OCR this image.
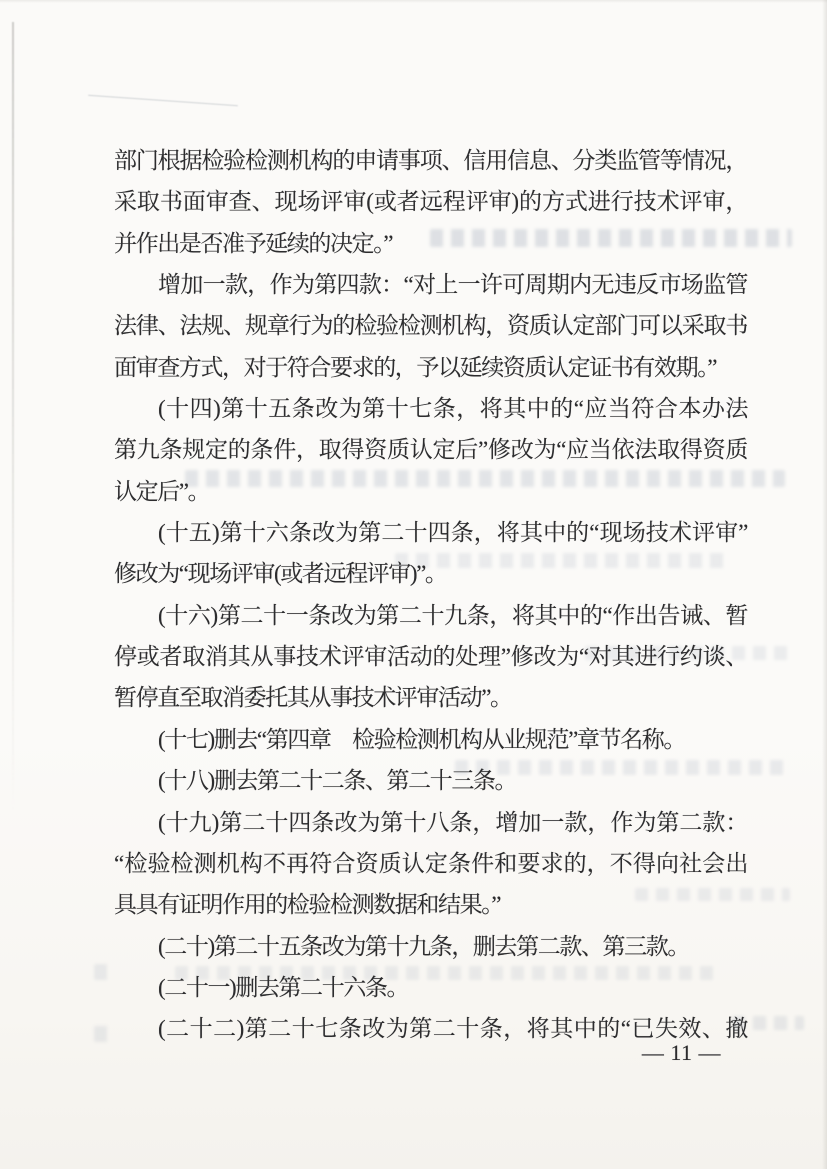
部门根据检验检测机构的申请事项、信用信息、分类监管等情况，
采取书面审查、现场评审(或者远程评审)的方式进行技术评审，
并作出是否准予延续的决定。”
增加一款，作为第四款：“对上一许可周期内无违反市场监管
法律、法规、规章行为的检验检测机构，资质认定部门可以采取书
面审查方式，对于符合要求的，予以延续资质认定证书有效期。”
(十四)第十五条改为第十七条，将其中的“应当符合本办法
第九条规定的条件，取得资质认定后”修改为“应当依法取得资质
认定后”。
(十五)第十六条改为第二十四条，将其中的“现场技术评审”
修改为“现场评审(或者远程评审)”。
(十六)第二十一条改为第二十九条，将其中的“作出告诫、暂
停或者取消其从事技术评审活动的处理”修改为“对其进行约谈、
暂停直至取消委托其从事技术评审活动”。
(十七)删去“第四章　检验检测机构从业规范”章节名称。
(十八)删去第二十二条、第二十三条。
(十九)第二十四条改为第十八条，增加一款，作为第二款：
“检验检测机构不再符合资质认定条件和要求的，不得向社会出
具具有证明作用的检验检测数据和结果。”
(二十)第二十五条改为第十九条，删去第二款、第三款。
(二十一)删去第二十六条。
(二十二)第二十七条改为第二十条，将其中的“已失效、撤
— 11 —
